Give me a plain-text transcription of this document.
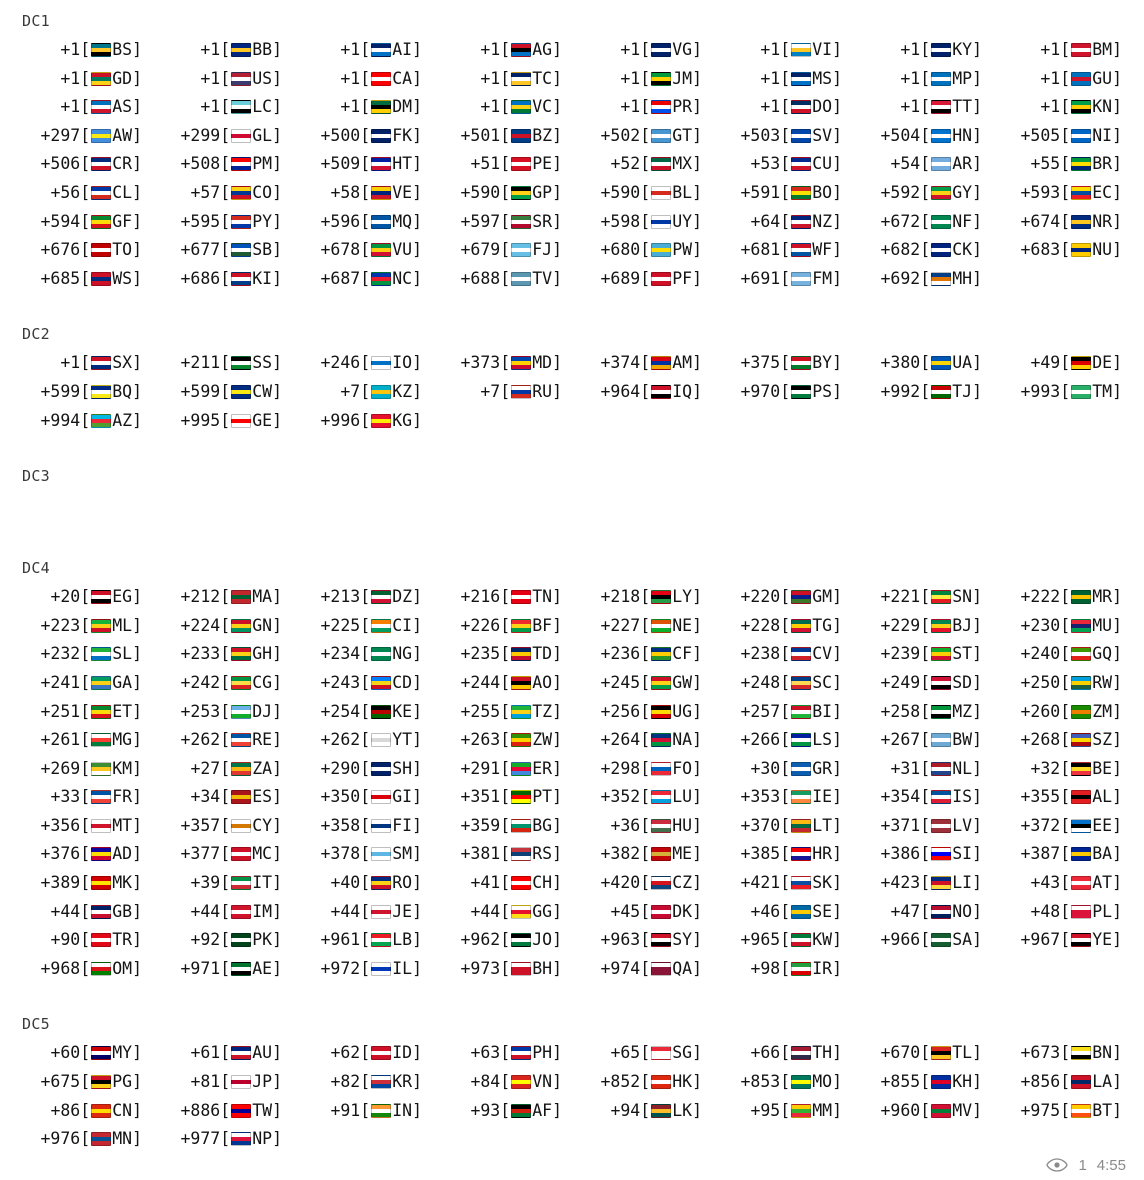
DC1
+1[ BS]	+1[ BB]	+1[ AI]	+1[ AG]	+1[ VG]	+1[ VI]	+1[ KY]	+1[ BM]
+1[ GD]	+1[ US]	+1[ CA]	+1[ TC]	+1[ JM]	+1[ MS]	+1[ MP]	+1[ GU]
+1[ AS]	+1[ LC]	+1[ DM]	+1[ VC]	+1[ PR]	+1[ DO]	+1[ TT]	+1[ KN]
+297[ AW]	+299[ GL]	+500[ FK]	+501[ BZ]	+502[ GT]	+503[ SV]	+504[ HN]	+505[ NI]
+506[ CR]	+508[ PM]	+509[ HT]	+51[ PE]	+52[ MX]	+53[ CU]	+54[ AR]	+55[ BR]
+56[ CL]	+57[ CO]	+58[ VE]	+590[ GP]	+590[ BL]	+591[ BO]	+592[ GY]	+593[ EC]
+594[ GF]	+595[ PY]	+596[ MQ]	+597[ SR]	+598[ UY]	+64[ NZ]	+672[ NF]	+674[ NR]
+676[ TO]	+677[ SB]	+678[ VU]	+679[ FJ]	+680[ PW]	+681[ WF]	+682[ CK]	+683[ NU]
+685[ WS]	+686[ KI]	+687[ NC]	+688[ TV]	+689[ PF]	+691[ FM]	+692[ MH]
DC2
+1[ SX]	+211[ SS]	+246[ IO]	+373[ MD]	+374[ AM]	+375[ BY]	+380[ UA]	+49[ DE]
+599[ BQ]	+599[ CW]	+7[ KZ]	+7[ RU]	+964[ IQ]	+970[ PS]	+992[ TJ]	+993[ TM]
+994[ AZ]	+995[ GE]	+996[ KG]
DC3
DC4
+20[ EG]	+212[ MA]	+213[ DZ]	+216[ TN]	+218[ LY]	+220[ GM]	+221[ SN]	+222[ MR]
+223[ ML]	+224[ GN]	+225[ CI]	+226[ BF]	+227[ NE]	+228[ TG]	+229[ BJ]	+230[ MU]
+232[ SL]	+233[ GH]	+234[ NG]	+235[ TD]	+236[ CF]	+238[ CV]	+239[ ST]	+240[ GQ]
+241[ GA]	+242[ CG]	+243[ CD]	+244[ AO]	+245[ GW]	+248[ SC]	+249[ SD]	+250[ RW]
+251[ ET]	+253[ DJ]	+254[ KE]	+255[ TZ]	+256[ UG]	+257[ BI]	+258[ MZ]	+260[ ZM]
+261[ MG]	+262[ RE]	+262[ YT]	+263[ ZW]	+264[ NA]	+266[ LS]	+267[ BW]	+268[ SZ]
+269[ KM]	+27[ ZA]	+290[ SH]	+291[ ER]	+298[ FO]	+30[ GR]	+31[ NL]	+32[ BE]
+33[ FR]	+34[ ES]	+350[ GI]	+351[ PT]	+352[ LU]	+353[ IE]	+354[ IS]	+355[ AL]
+356[ MT]	+357[ CY]	+358[ FI]	+359[ BG]	+36[ HU]	+370[ LT]	+371[ LV]	+372[ EE]
+376[ AD]	+377[ MC]	+378[ SM]	+381[ RS]	+382[ ME]	+385[ HR]	+386[ SI]	+387[ BA]
+389[ MK]	+39[ IT]	+40[ RO]	+41[ CH]	+420[ CZ]	+421[ SK]	+423[ LI]	+43[ AT]
+44[ GB]	+44[ IM]	+44[ JE]	+44[ GG]	+45[ DK]	+46[ SE]	+47[ NO]	+48[ PL]
+90[ TR]	+92[ PK]	+961[ LB]	+962[ JO]	+963[ SY]	+965[ KW]	+966[ SA]	+967[ YE]
+968[ OM]	+971[ AE]	+972[ IL]	+973[ BH]	+974[ QA]	+98[ IR]
DC5
+60[ MY]	+61[ AU]	+62[ ID]	+63[ PH]	+65[ SG]	+66[ TH]	+670[ TL]	+673[ BN]
+675[ PG]	+81[ JP]	+82[ KR]	+84[ VN]	+852[ HK]	+853[ MO]	+855[ KH]	+856[ LA]
+86[ CN]	+886[ TW]	+91[ IN]	+93[ AF]	+94[ LK]	+95[ MM]	+960[ MV]	+975[ BT]
+976[ MN]	+977[ NP]
1 4:55
